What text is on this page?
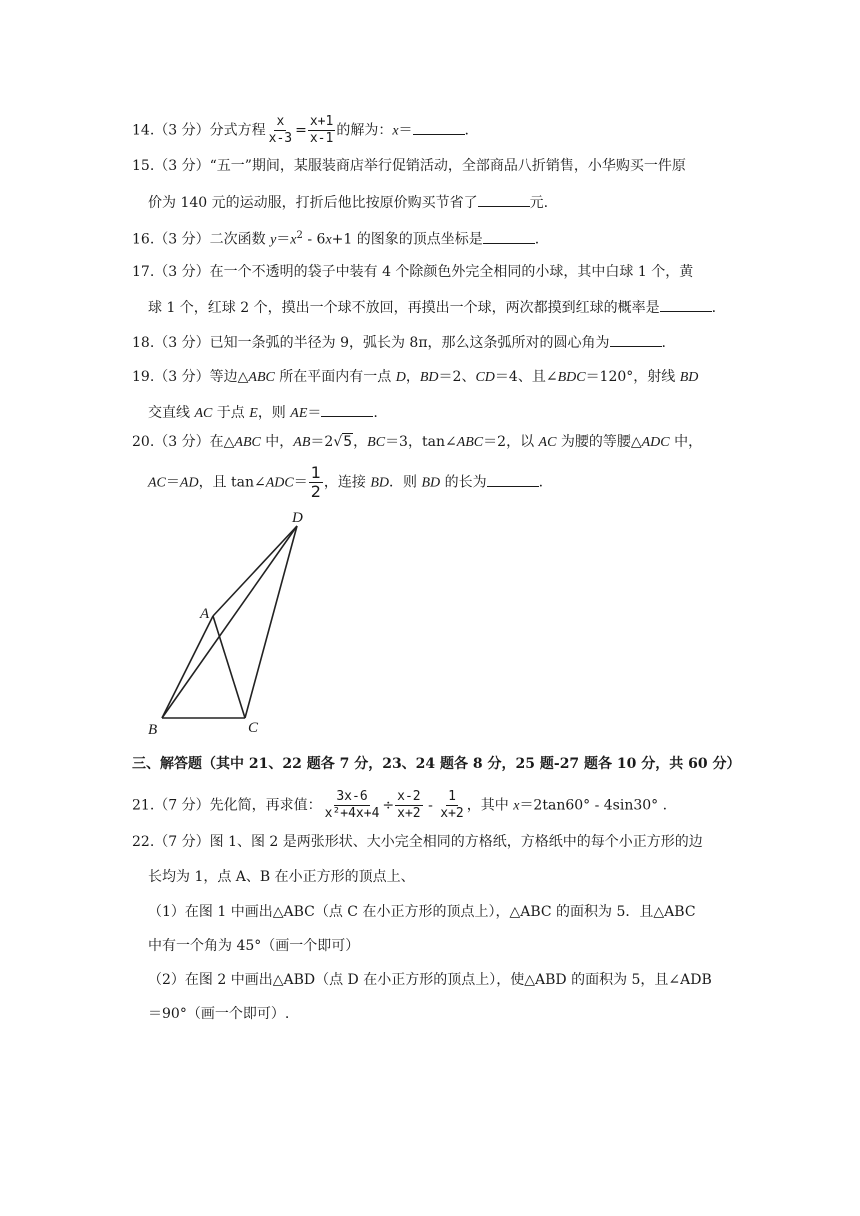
14.（3 分）分式方程 $\frac{x}{x-3} = \frac{x+1}{x-1}$ 的解为：x＝	.
15.（3 分）“五一”期间，某服装商店举行促销活动，全部商品八折销售，小华购买一件原
价为 140 元的运动服，打折后他比按原价购买节省了	元.
16.（3 分）二次函数 $y=x^2 - 6x+1$ 的图象的顶点坐标是	.
17.（3 分）在一个不透明的袋子中装有 4 个除颜色外完全相同的小球，其中白球 1 个，黄
球 1 个，红球 2 个，摸出一个球不放回，再摸出一个球，两次都摸到红球的概率是	.
18.（3 分）已知一条弧的半径为 9，弧长为 8π，那么这条弧所对的圆心角为	.
19.（3 分）等边△ABC 所在平面内有一点 D，BD＝2、CD＝4、且∠BDC＝120°，射线 BD
交直线 AC 于点 E，则 AE＝	.
20.（3 分）在△ABC 中，AB＝2√5，BC＝3，tan∠ABC＝2，以 AC 为腰的等腰△ADC 中，
AC＝AD，且 tan∠ADC＝ $\frac{1}{2}$ ，连接 BD．则 BD 的长为	.
A
B	C
D
三、解答题（其中 21、22 题各 7 分，23、24 题各 8 分，25 题-27 题各 10 分，共 60 分）
21.（7 分）先化简，再求值： $\frac{3x-6}{\text{x²+4x+4}} \div \frac{x-2}{x+2} - \frac{1}{x+2}$ ，其中 x＝2tan60° - 4sin30° .
22.（7 分）图 1、图 2 是两张形状、大小完全相同的方格纸，方格纸中的每个小正方形的边
长均为 1，点 A、B 在小正方形的顶点上、
（1）在图 1 中画出△ABC（点 C 在小正方形的顶点上），△ABC 的面积为 5．且△ABC
中有一个角为 45°（画一个即可）
（2）在图 2 中画出△ABD（点 D 在小正方形的顶点上），使△ABD 的面积为 5，且∠ADB
＝90°（画一个即可）.
